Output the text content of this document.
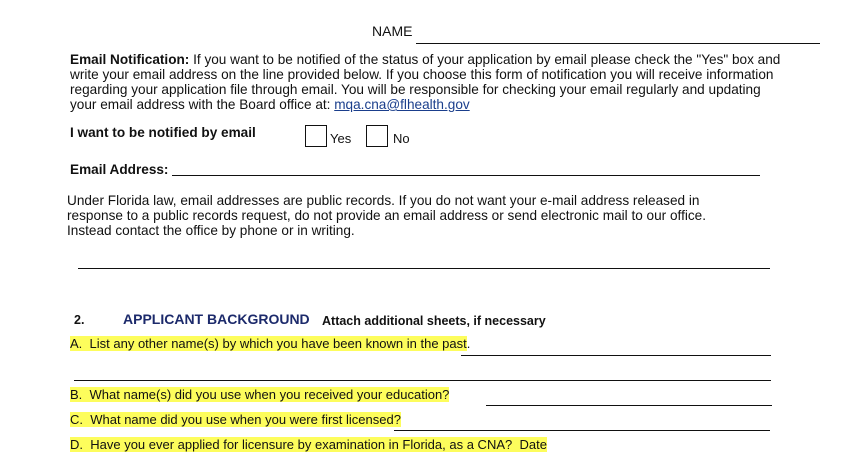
NAME
Email Notification: If you want to be notified of the status of your application by email please check the "Yes" box and
write your email address on the line provided below. If you choose this form of notification you will receive information
regarding your application file through email. You will be responsible for checking your email regularly and updating
your email address with the Board office at: mqa.cna@flhealth.gov
I want to be notified by email	Yes	No
Email Address:
Under Florida law, email addresses are public records. If you do not want your e-mail address released in
response to a public records request, do not provide an email address or send electronic mail to our office.
Instead contact the office by phone or in writing.
2.	APPLICANT BACKGROUND Attach additional sheets, if necessary
A. List any other name(s) by which you have been known in the past.
B. What name(s) did you use when you received your education?
C. What name did you use when you were first licensed?
D. Have you ever applied for licensure by examination in Florida, as a CNA? Date
